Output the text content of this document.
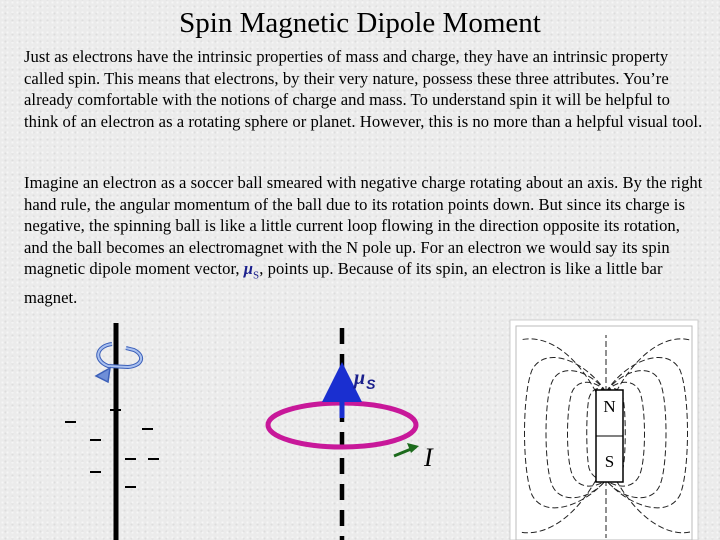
Spin Magnetic Dipole Moment
Just as electrons have the intrinsic properties of mass and charge, they have an intrinsic property called spin. This means that electrons, by their very nature, possess these three attributes. You’re already comfortable with the notions of charge and mass. To understand spin it will be helpful to think of an electron as a rotating sphere or planet. However, this is no more than a helpful visual tool.
Imagine an electron as a soccer ball smeared with negative charge rotating about an axis. By the right hand rule, the angular momentum of the ball due to its rotation points down. But since its charge is negative, the spinning ball is like a little current loop flowing in the direction opposite its rotation, and the ball becomes an electromagnet with the N pole up. For an electron we would say its spin magnetic dipole moment vector, $\mu_S$, points up. Because of its spin, an electron is like a little bar magnet.
$\mu_S$
I
N
S
